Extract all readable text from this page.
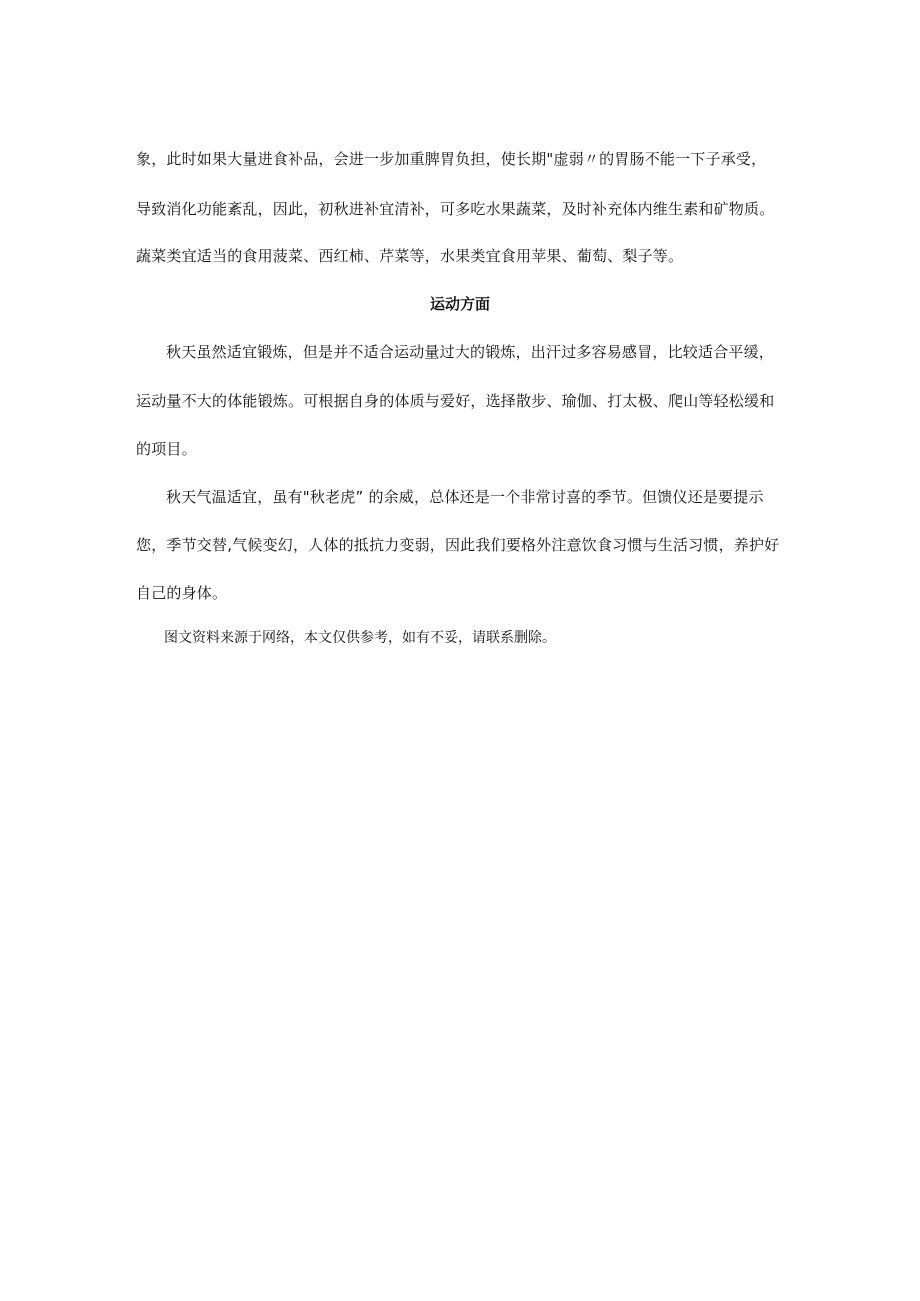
象，此时如果大量进食补品，会进一步加重脾胃负担，使长期"虚弱〃的胃肠不能一下子承受，
导致消化功能紊乱，因此，初秋进补宜清补，可多吃水果蔬菜，及时补充体内维生素和矿物质。
蔬菜类宜适当的食用菠菜、西红柿、芹菜等，水果类宜食用苹果、葡萄、梨子等。
运动方面
秋天虽然适宜锻炼，但是并不适合运动量过大的锻炼，出汗过多容易感冒，比较适合平缓，
运动量不大的体能锻炼。可根据自身的体质与爱好，选择散步、瑜伽、打太极、爬山等轻松缓和
的项目。
秋天气温适宜，虽有"秋老虎” 的余威，总体还是一个非常讨喜的季节。但馈仪还是要提示
您，季节交替,气候变幻，人体的抵抗力变弱，因此我们要格外注意饮食习惯与生活习惯，养护好
自己的身体。
图文资料来源于网络，本文仅供参考，如有不妥，请联系删除。
